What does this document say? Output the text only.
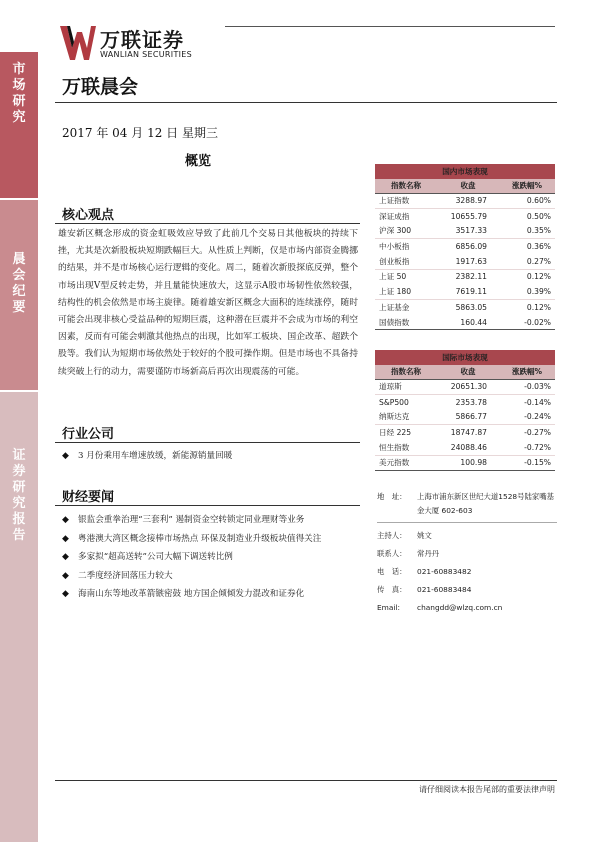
市
场
研
究
晨
会
纪
要
证
券
研
究
报
告
万联证券
WANLIAN SECURITIES
万联晨会
2017 年 04 月 12 日 星期三
概览
核心观点

雄安新区概念形成的资金虹吸效应导致了此前几个交易日其他板块的持续下挫，尤其是次新股板块短期跌幅巨大。从性质上判断，仅是市场内部资金腾挪的结果，并不是市场核心运行逻辑的变化。周二，随着次新股探底反弹，整个市场出现V型反转走势，并且量能快速放大，这显示A股市场韧性依然较强，结构性的机会依然是市场主旋律。随着雄安新区概念大面积的连续涨停，随时可能会出现非核心受益品种的短期巨震，这种潜在巨震并不会成为市场的利空因素，反而有可能会刺激其他热点的出现，比如军工板块、国企改革、超跌个股等。我们认为短期市场依然处于较好的个股可操作期。但是市场也不具备持续突破上行的动力，需要谨防市场新高后再次出现震荡的可能。

行业公司
◆ 3 月份乘用车增速放缓，新能源销量回暖
财经要闻
◆ 银监会重拳治理“三套利” 遏制资金空转锁定同业理财等业务
◆ 粤港澳大湾区概念接棒市场热点 环保及制造业升级板块值得关注
◆ 多家拟“超高送转”公司大幅下调送转比例
◆ 二季度经济回落压力较大
◆ 海南山东等地改革箭镞密鼓 地方国企倾倾发力混改和证券化
国内市场表现		
指数名称	收盘	涨跌幅%
上证指数	3288.97	0.60%
深证成指	10655.79	0.50%
沪深 300	3517.33	0.35%
中小板指	6856.09	0.36%
创业板指	1917.63	0.27%
上证 50	2382.11	0.12%
上证 180	7619.11	0.39%
上证基金	5863.05	0.12%
国债指数	160.44	-0.02%
国际市场表现		
指数名称	收盘	涨跌幅%
道琼斯	20651.30	-0.03%
S&P500	2353.78	-0.14%
纳斯达克	5866.77	-0.24%
日经 225	18747.87	-0.27%
恒生指数	24088.46	-0.72%
美元指数	100.98	-0.15%
地　址： 上海市浦东新区世纪大道1528号陆家嘴基金大厦 602-603
主持人： 姚文
联系人： 常丹丹
电　话： 021-60883482
传　真： 021-60883484
Email: changdd@wlzq.com.cn
请仔细阅读本报告尾部的重要法律声明
